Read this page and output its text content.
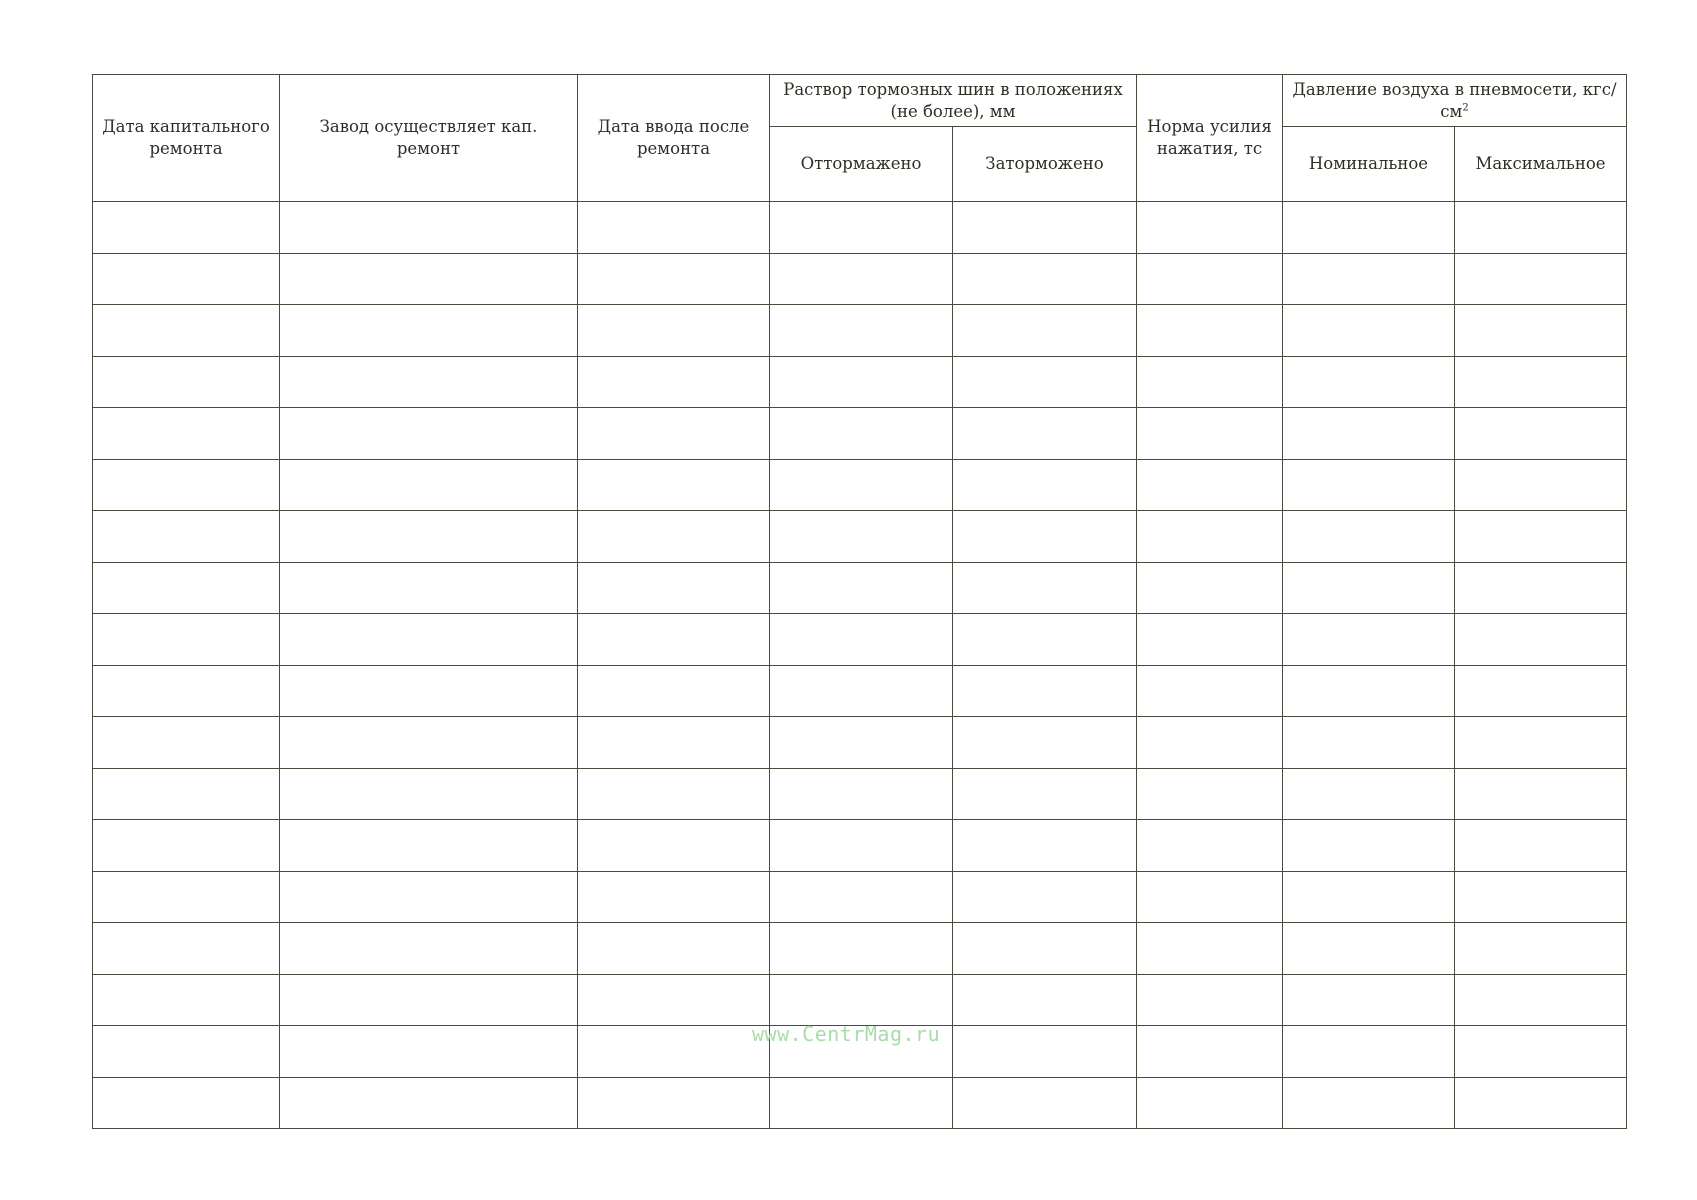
Дата капитального ремонта	Завод осуществляет кап. ремонт	Дата ввода после ремонта	Раствор тормозных шин в положениях (не более), мм		Норма усилия нажатия, тс	Давление воздуха в пневмосети, кгс/$см^2$
			Оттормажено	Заторможено		Номинальное	Максимальное

www.CentrMag.ru
